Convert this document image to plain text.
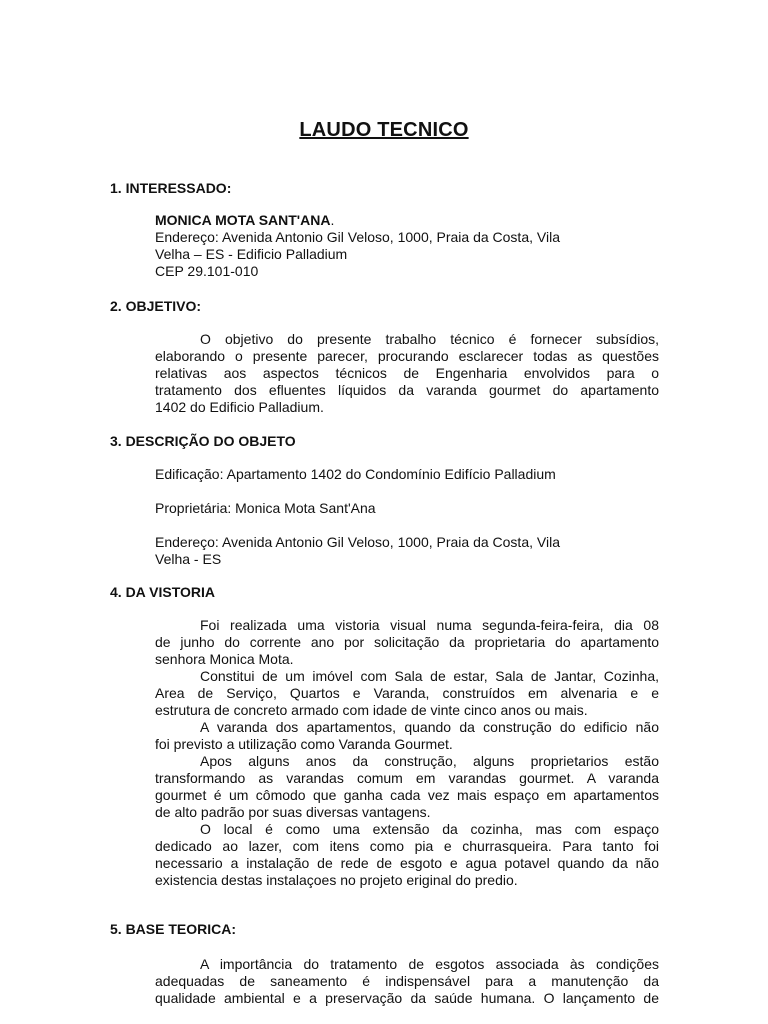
LAUDO TECNICO
1. INTERESSADO:
MONICA MOTA SANT'ANA.
Endereço: Avenida Antonio Gil Veloso, 1000, Praia da Costa, Vila
Velha – ES - Edificio Palladium
CEP 29.101-010
2. OBJETIVO:
O objetivo do presente trabalho técnico é fornecer subsídios,
elaborando o presente parecer, procurando esclarecer todas as questões
relativas aos aspectos técnicos de Engenharia envolvidos para o
tratamento dos efluentes líquidos da varanda gourmet do apartamento
1402 do Edificio Palladium.
3. DESCRIÇÃO DO OBJETO
Edificação: Apartamento 1402 do Condomínio Edifício Palladium
Proprietária: Monica Mota Sant'Ana
Endereço: Avenida Antonio Gil Veloso, 1000, Praia da Costa, Vila
Velha - ES
4. DA VISTORIA
Foi realizada uma vistoria visual numa segunda-feira-feira, dia 08
de junho do corrente ano por solicitação da proprietaria do apartamento
senhora Monica Mota.
Constitui de um imóvel com Sala de estar, Sala de Jantar, Cozinha,
Area de Serviço, Quartos e Varanda, construídos em alvenaria e e
estrutura de concreto armado com idade de vinte cinco anos ou mais.
A varanda dos apartamentos, quando da construção do edificio não
foi previsto a utilização como Varanda Gourmet.
Apos alguns anos da construção, alguns proprietarios estão
transformando as varandas comum em varandas gourmet. A varanda
gourmet é um cômodo que ganha cada vez mais espaço em apartamentos
de alto padrão por suas diversas vantagens.
O local é como uma extensão da cozinha, mas com espaço
dedicado ao lazer, com itens como pia e churrasqueira. Para tanto foi
necessario a instalação de rede de esgoto e agua potavel quando da não
existencia destas instalaçoes no projeto eriginal do predio.
5. BASE TEORICA:
A importância do tratamento de esgotos associada às condições
adequadas de saneamento é indispensável para a manutenção da
qualidade ambiental e a preservação da saúde humana. O lançamento de
